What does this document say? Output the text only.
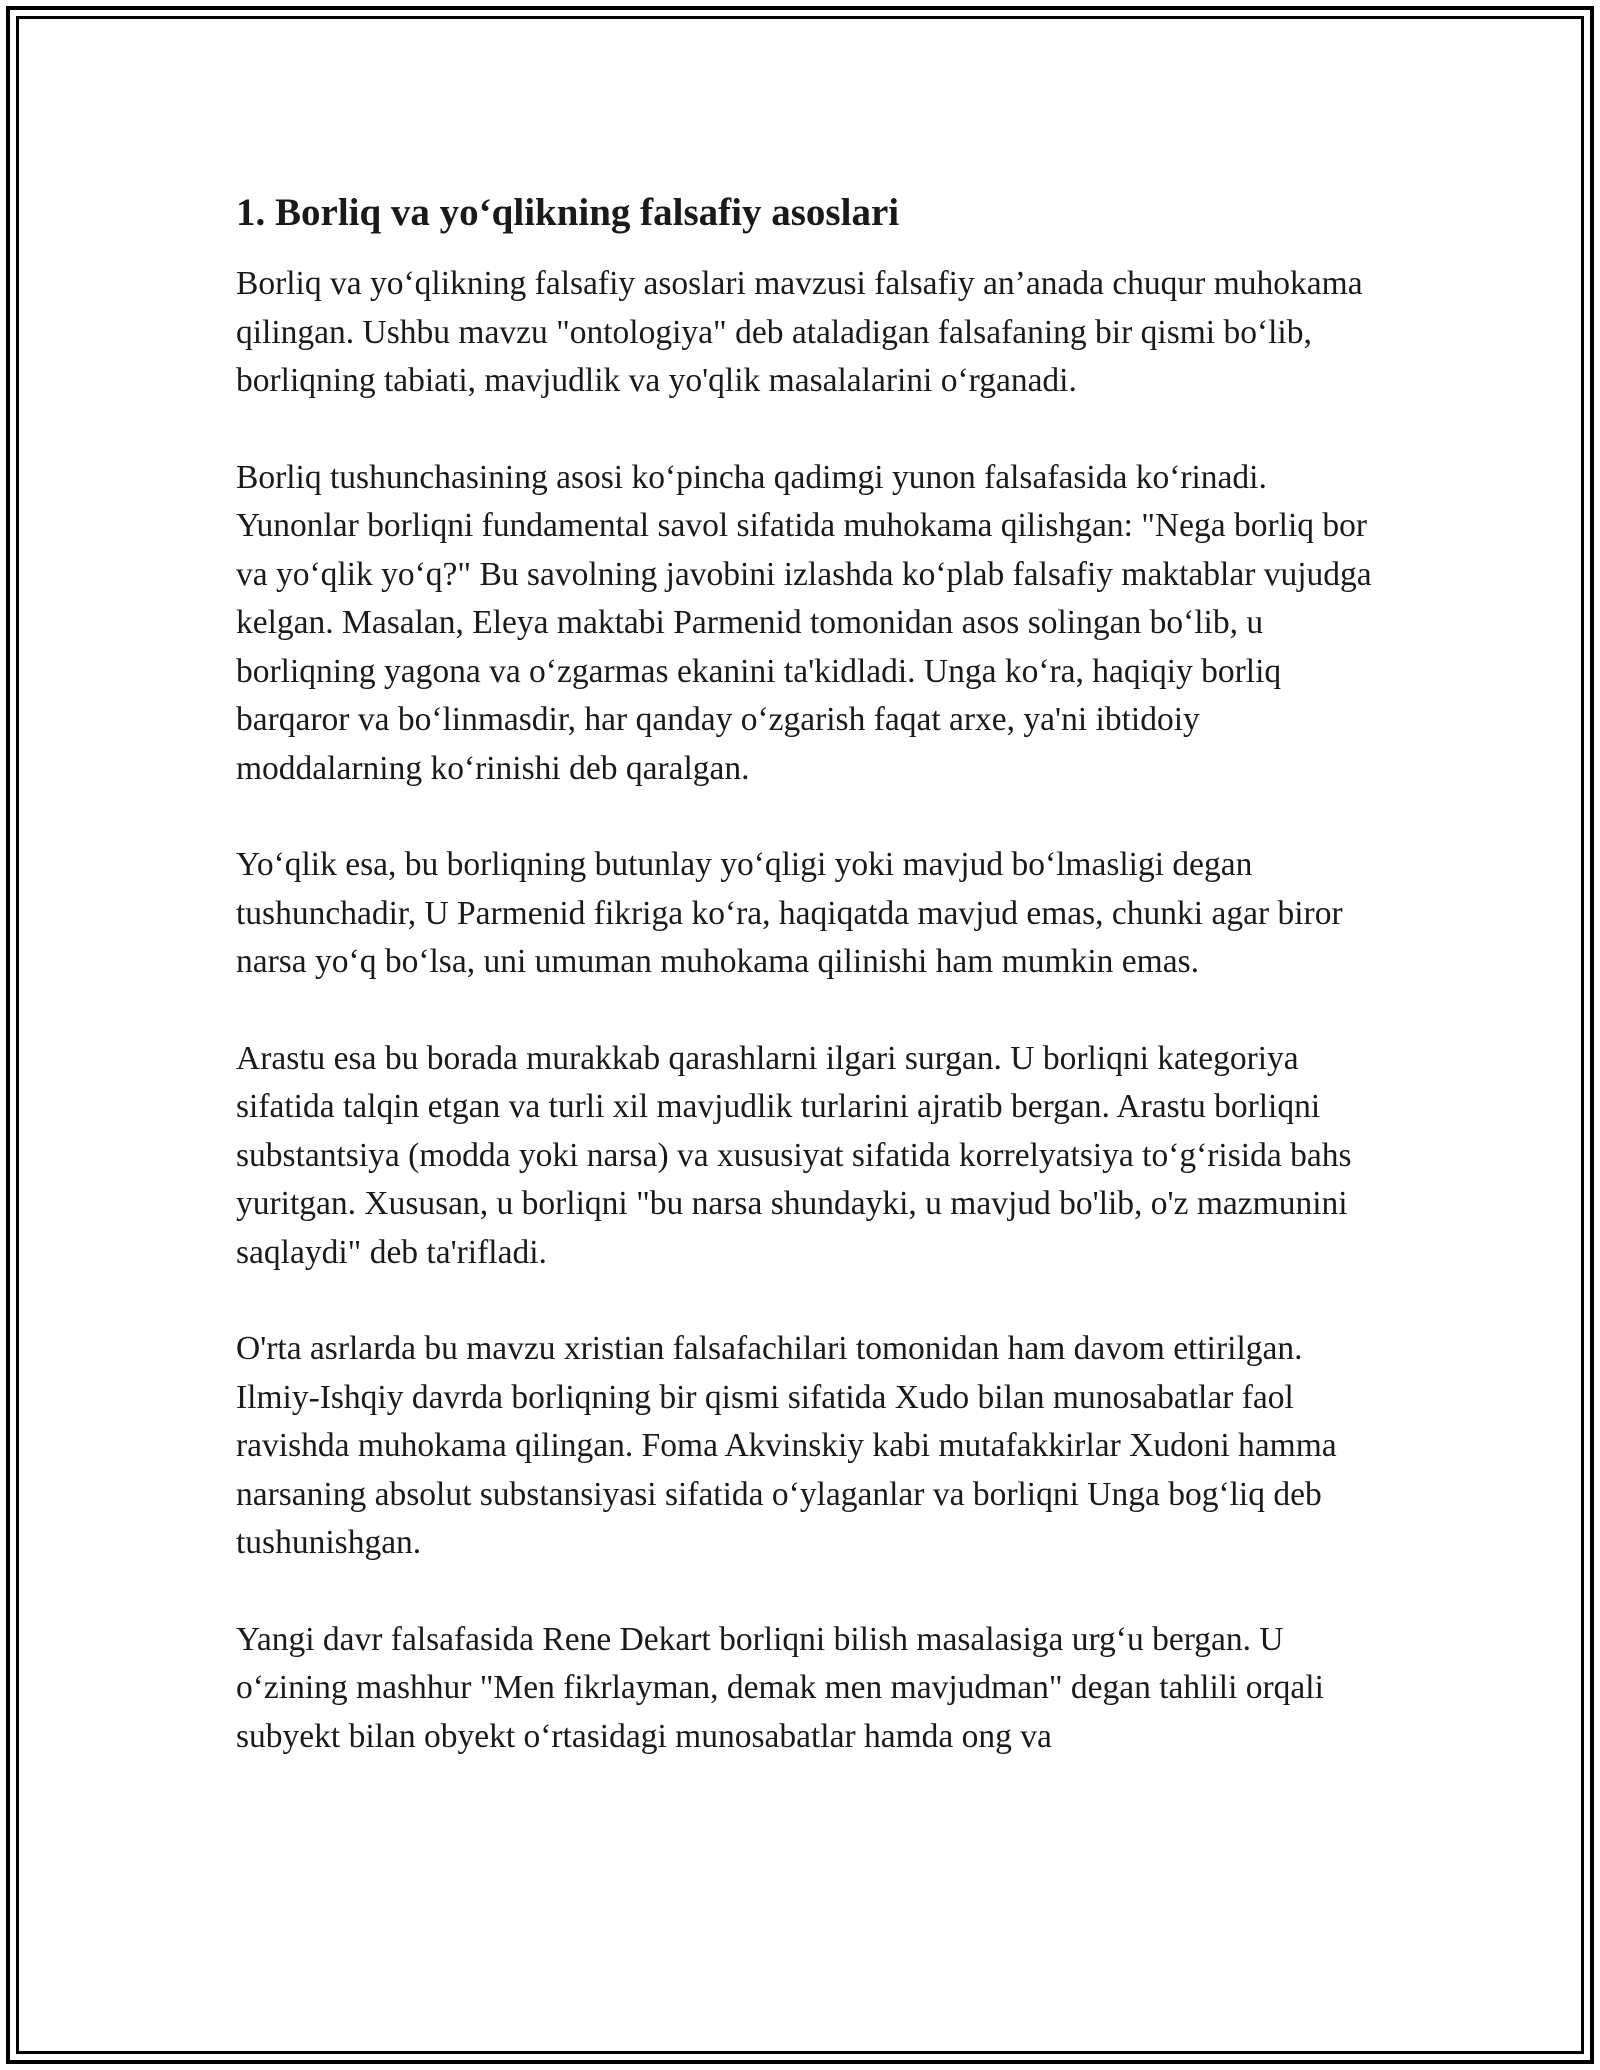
1. Borliq va yo‘qlikning falsafiy asoslari

Borliq va yo‘qlikning falsafiy asoslari mavzusi falsafiy an’anada chuqur muhokama qilingan. Ushbu mavzu "ontologiya" deb ataladigan falsafaning bir qismi bo‘lib, borliqning tabiati, mavjudlik va yo'qlik masalalarini o‘rganadi.

Borliq tushunchasining asosi ko‘pincha qadimgi yunon falsafasida ko‘rinadi. Yunonlar borliqni fundamental savol sifatida muhokama qilishgan: "Nega borliq bor va yo‘qlik yo‘q?" Bu savolning javobini izlashda ko‘plab falsafiy maktablar vujudga kelgan. Masalan, Eleya maktabi Parmenid tomonidan asos solingan bo‘lib, u borliqning yagona va o‘zgarmas ekanini ta'kidladi. Unga ko‘ra, haqiqiy borliq barqaror va bo‘linmasdir, har qanday o‘zgarish faqat arxe, ya'ni ibtidoiy moddalarning ko‘rinishi deb qaralgan.

Yo‘qlik esa, bu borliqning butunlay yo‘qligi yoki mavjud bo‘lmasligi degan tushunchadir, U Parmenid fikriga ko‘ra, haqiqatda mavjud emas, chunki agar biror narsa yo‘q bo‘lsa, uni umuman muhokama qilinishi ham mumkin emas.

Arastu esa bu borada murakkab qarashlarni ilgari surgan. U borliqni kategoriya sifatida talqin etgan va turli xil mavjudlik turlarini ajratib bergan. Arastu borliqni substantsiya (modda yoki narsa) va xususiyat sifatida korrelyatsiya to‘g‘risida bahs yuritgan. Xususan, u borliqni "bu narsa shundayki, u mavjud bo'lib, o'z mazmunini saqlaydi" deb ta'rifladi.

O'rta asrlarda bu mavzu xristian falsafachilari tomonidan ham davom ettirilgan. Ilmiy-Ishqiy davrda borliqning bir qismi sifatida Xudo bilan munosabatlar faol ravishda muhokama qilingan. Foma Akvinskiy kabi mutafakkirlar Xudoni hamma narsaning absolut substansiyasi sifatida o‘ylaganlar va borliqni Unga bog‘liq deb tushunishgan.

Yangi davr falsafasida Rene Dekart borliqni bilish masalasiga urg‘u bergan. U o‘zining mashhur "Men fikrlayman, demak men mavjudman" degan tahlili orqali subyekt bilan obyekt o‘rtasidagi munosabatlar hamda ong va
